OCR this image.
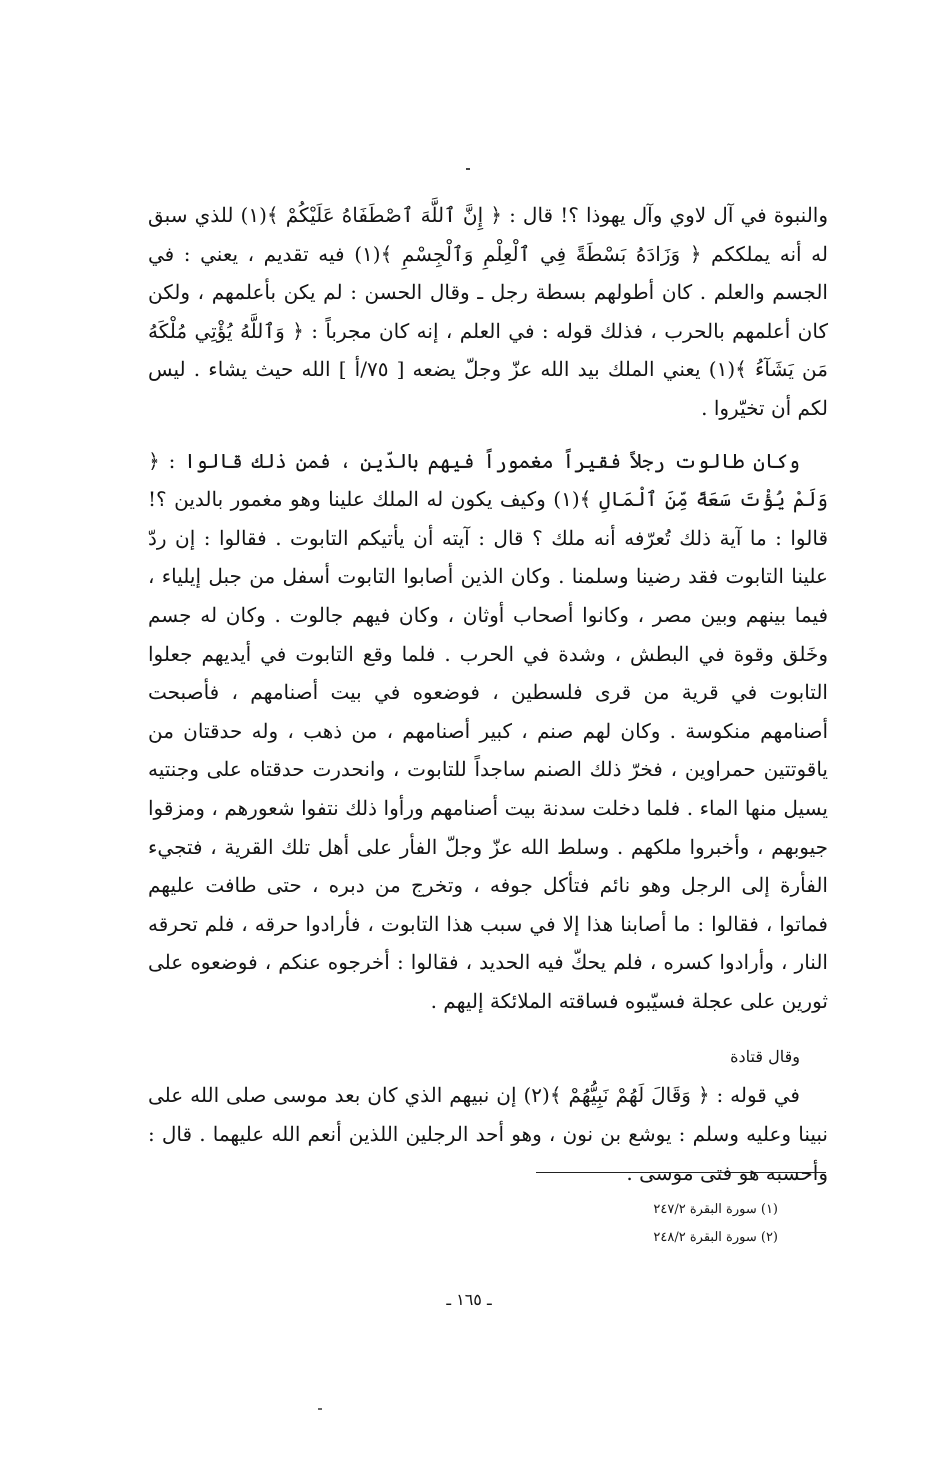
والنبوة في آل لاوي وآل يهوذا ؟! قال : ﴿ إِنَّ ٱللَّهَ ٱصْطَفَاهُ عَلَيْكُمْ ﴾(١) للذي سبق له أنه يملككم ﴿ وَزَادَهُ بَسْطَةً فِي ٱلْعِلْمِ وَٱلْجِسْمِ ﴾(١) فيه تقديم ، يعني : في الجسم والعلم . كان أطولهم بسطة رجل ـ وقال الحسن : لم يكن بأعلمهم ، ولكن كان أعلمهم بالحرب ، فذلك قوله : في العلم ، إنه كان مجرباً : ﴿ وَٱللَّهُ يُؤْتِي مُلْكَهُ مَن يَشَآءُ ﴾(١) يعني الملك بيد الله عزّ وجلّ يضعه [ ٧٥/أ ] الله حيث يشاء . ليس لكم أن تخيّروا .

وكان طالوت رجلاً فقيراً مغموراً فيهم بالدّين ، فمن ذلك قالوا : ﴿ وَلَمْ يُؤْتَ سَعَةً مِّنَ ٱلْمَالِ ﴾(١) وكيف يكون له الملك علينا وهو مغمور بالدين ؟! قالوا : ما آية ذلك تُعرّفه أنه ملك ؟ قال : آيته أن يأتيكم التابوت . فقالوا : إن ردّ علينا التابوت فقد رضينا وسلمنا . وكان الذين أصابوا التابوت أسفل من جبل إيلياء ، فيما بينهم وبين مصر ، وكانوا أصحاب أوثان ، وكان فيهم جالوت . وكان له جسم وخَلق وقوة في البطش ، وشدة في الحرب . فلما وقع التابوت في أيديهم جعلوا التابوت في قرية من قرى فلسطين ، فوضعوه في بيت أصنامهم ، فأصبحت أصنامهم منكوسة . وكان لهم صنم ، كبير أصنامهم ، من ذهب ، وله حدقتان من ياقوتتين حمراوين ، فخرّ ذلك الصنم ساجداً للتابوت ، وانحدرت حدقتاه على وجنتيه يسيل منها الماء . فلما دخلت سدنة بيت أصنامهم ورأوا ذلك نتفوا شعورهم ، ومزقوا جيوبهم ، وأخبروا ملكهم . وسلط الله عزّ وجلّ الفأر على أهل تلك القرية ، فتجيء الفأرة إلى الرجل وهو نائم فتأكل جوفه ، وتخرج من دبره ، حتى طافت عليهم فماتوا ، فقالوا : ما أصابنا هذا إلا في سبب هذا التابوت ، فأرادوا حرقه ، فلم تحرقه النار ، وأرادوا كسره ، فلم يحكّ فيه الحديد ، فقالوا : أخرجوه عنكم ، فوضعوه على ثورين على عجلة فسيّبوه فساقته الملائكة إليهم .

وقال قتادة

في قوله : ﴿ وَقَالَ لَهُمْ نَبِيُّهُمْ ﴾(٢) إن نبيهم الذي كان بعد موسى صلى الله على نبينا وعليه وسلم : يوشع بن نون ، وهو أحد الرجلين اللذين أنعم الله عليهما . قال : وأحسبه هو فتى موسى .

(١) سورة البقرة ٢٤٧/٢

(٢) سورة البقرة ٢٤٨/٢

ـ ١٦٥ ـ
